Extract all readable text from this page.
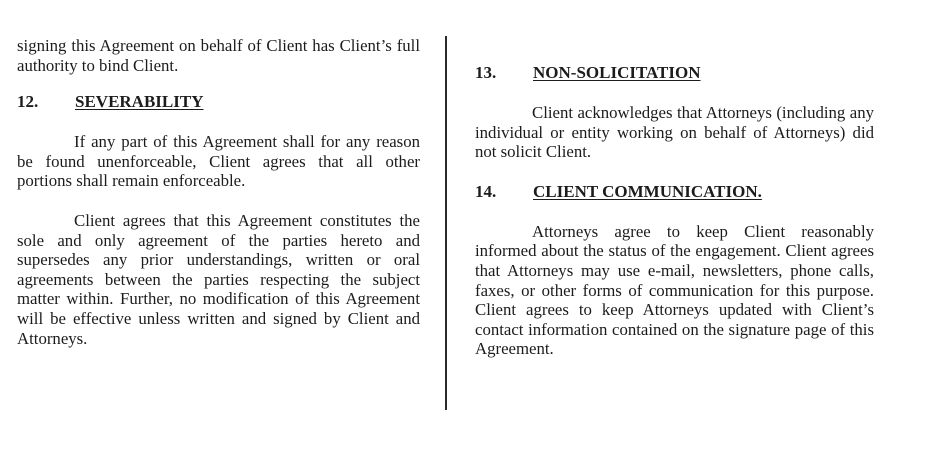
signing this Agreement on behalf of Client has Client’s full authority to bind Client.

12. SEVERABILITY

If any part of this Agreement shall for any reason be found unenforceable, Client agrees that all other portions shall remain enforceable.

Client agrees that this Agreement constitutes the sole and only agreement of the parties hereto and supersedes any prior understandings, written or oral agreements between the parties respecting the subject matter within. Further, no modification of this Agreement will be effective unless written and signed by Client and Attorneys.

13. NON-SOLICITATION

Client acknowledges that Attorneys (including any individual or entity working on behalf of Attorneys) did not solicit Client.

14. CLIENT COMMUNICATION.

Attorneys agree to keep Client reasonably informed about the status of the engagement. Client agrees that Attorneys may use e-mail, newsletters, phone calls, faxes, or other forms of communication for this purpose. Client agrees to keep Attorneys updated with Client’s contact information contained on the signature page of this Agreement.
